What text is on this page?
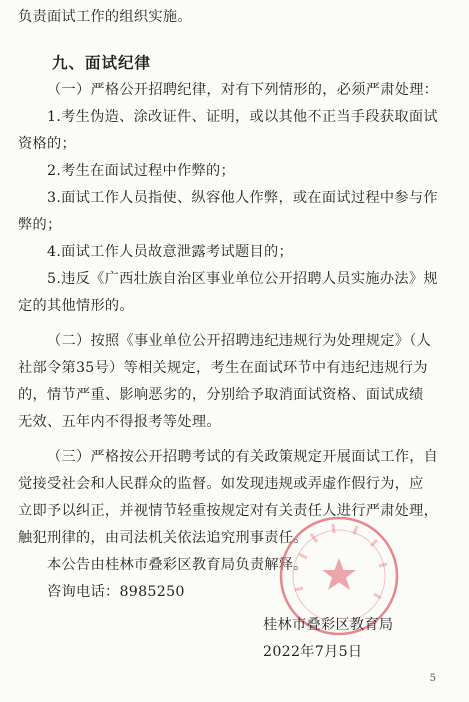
负责面试工作的组织实施。
九、面试纪律
（一）严格公开招聘纪律，对有下列情形的，必须严肃处理：
1.考生伪造、涂改证件、证明，或以其他不正当手段获取面试
资格的；
2.考生在面试过程中作弊的；
3.面试工作人员指使、纵容他人作弊，或在面试过程中参与作
弊的；
4.面试工作人员故意泄露考试题目的；
5.违反《广西壮族自治区事业单位公开招聘人员实施办法》规
定的其他情形的。
（二）按照《事业单位公开招聘违纪违规行为处理规定》（人
社部令第35号）等相关规定，考生在面试环节中有违纪违规行为
的，情节严重、影响恶劣的，分别给予取消面试资格、面试成绩
无效、五年内不得报考等处理。
（三）严格按公开招聘考试的有关政策规定开展面试工作，自
觉接受社会和人民群众的监督。如发现违规或弄虚作假行为，应
立即予以纠正，并视情节轻重按规定对有关责任人进行严肃处理，
触犯刑律的，由司法机关依法追究刑事责任。
本公告由桂林市叠彩区教育局负责解释。
咨询电话：8985250
桂林市叠彩区教育局
2022年7月5日
5
